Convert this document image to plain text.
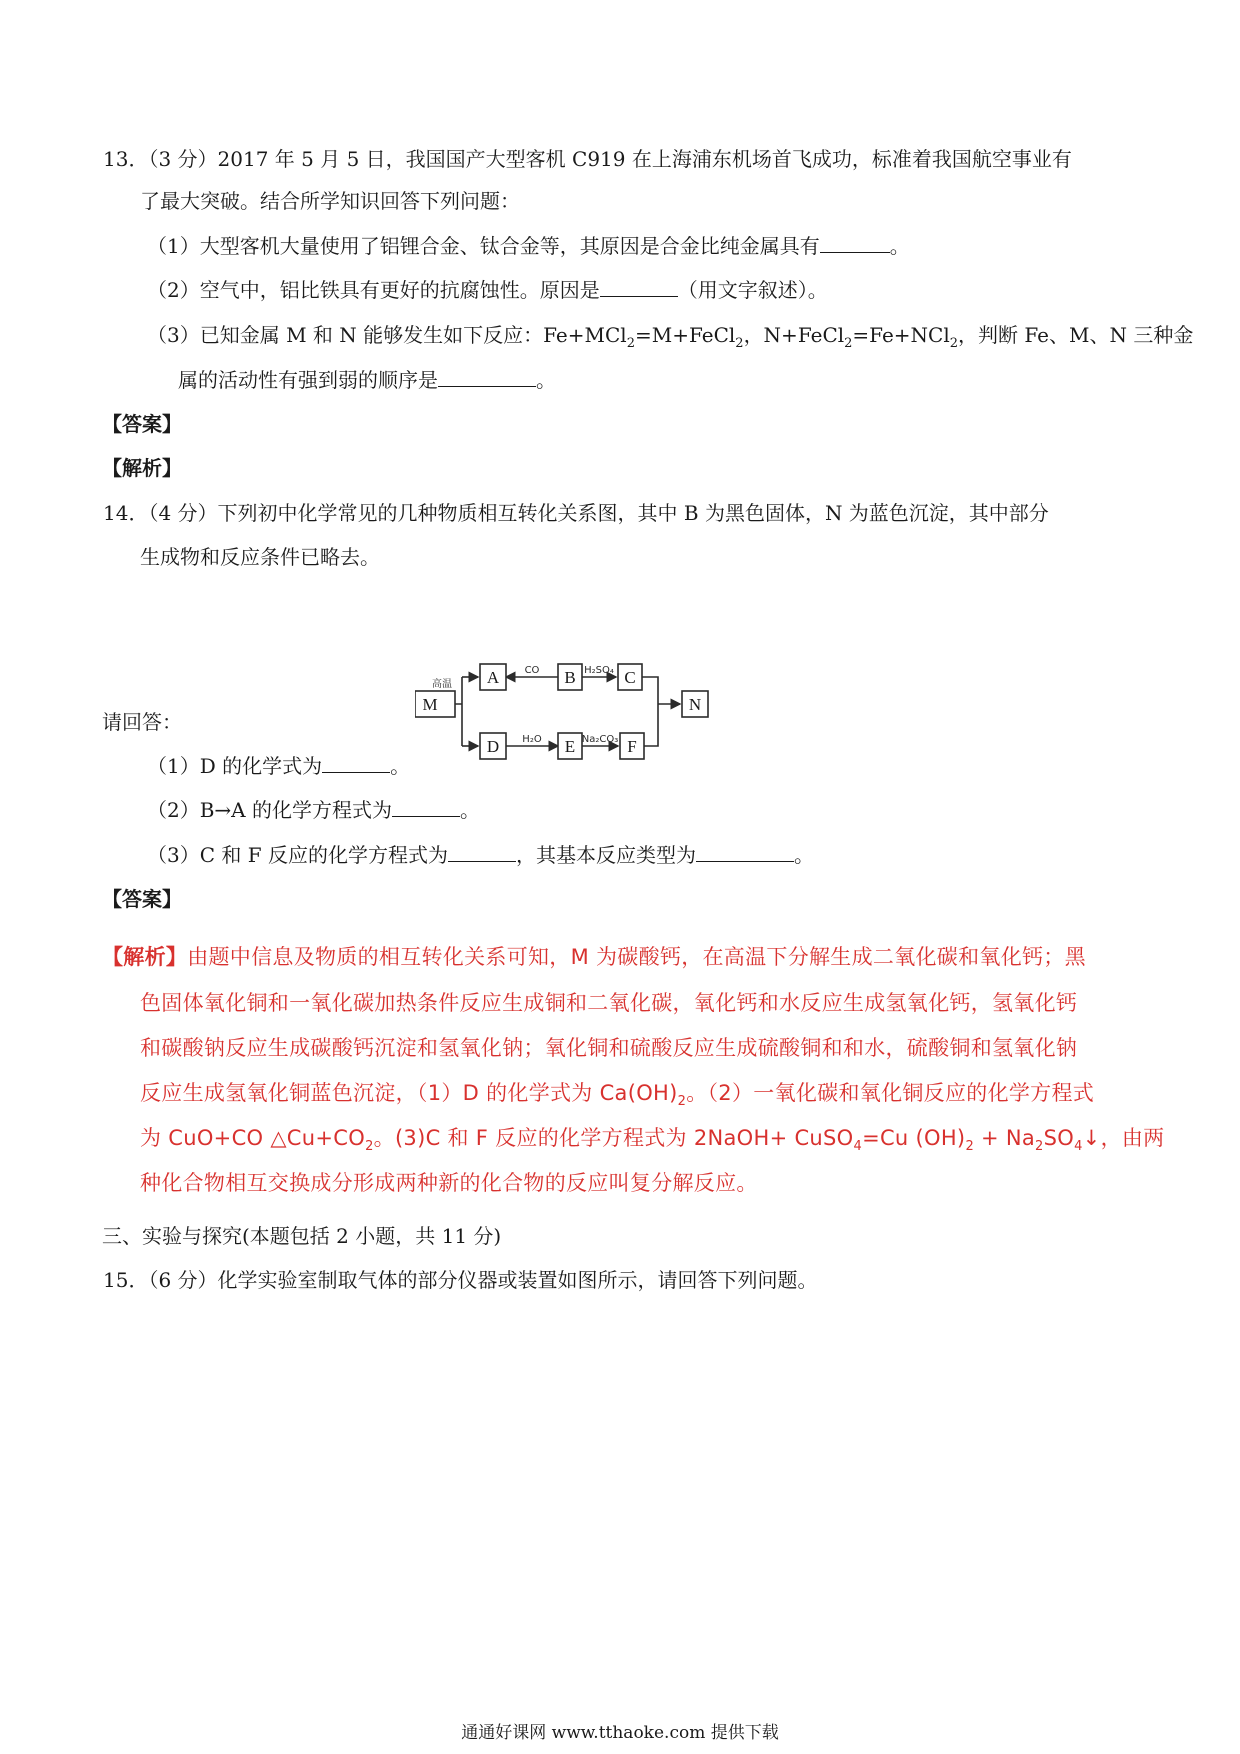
13．（3 分）2017 年 5 月 5 日，我国国产大型客机 C919 在上海浦东机场首飞成功，标准着我国航空事业有
了最大突破。结合所学知识回答下列问题：
（1）大型客机大量使用了铝锂合金、钛合金等，其原因是合金比纯金属具有	。
（2）空气中，铝比铁具有更好的抗腐蚀性。原因是	（用文字叙述）。
（3）已知金属 M 和 N 能够发生如下反应：Fe+MCl$_2$=M+FeCl$_2$，N+FeCl$_2$=Fe+NCl$_2$，判断 Fe、M、N 三种金
属的活动性有强到弱的顺序是	。
【答案】
【解析】
14．（4 分）下列初中化学常见的几种物质相互转化关系图，其中 B 为黑色固体，N 为蓝色沉淀，其中部分
生成物和反应条件已略去。
M
A	B	C
D	E	F
N
高温
CO	H₂SO₄
H₂O	Na₂CO₃
请回答：
（1）D 的化学式为	。
（2）B→A 的化学方程式为	。
（3）C 和 F 反应的化学方程式为	，其基本反应类型为	。
【答案】
【解析】由题中信息及物质的相互转化关系可知，M 为碳酸钙，在高温下分解生成二氧化碳和氧化钙；黑
色固体氧化铜和一氧化碳加热条件反应生成铜和二氧化碳，氧化钙和水反应生成氢氧化钙，氢氧化钙
和碳酸钠反应生成碳酸钙沉淀和氢氧化钠；氧化铜和硫酸反应生成硫酸铜和和水，硫酸铜和氢氧化钠
反应生成氢氧化铜蓝色沉淀，（1）D 的化学式为 $Ca(OH)_2$。（2）一氧化碳和氧化铜反应的化学方程式
为 CuO+CO $\triangle Cu+CO_2$。(3)C 和 F 反应的化学方程式为 2NaOH+ CuSO$_4$=Cu $(OH)_2$ + $Na_2SO_4↓$，由两
种化合物相互交换成分形成两种新的化合物的反应叫复分解反应。
三、实验与探究(本题包括 2 小题，共 11 分)
15．（6 分）化学实验室制取气体的部分仪器或装置如图所示，请回答下列问题。
通通好课网 www.tthaoke.com 提供下载
